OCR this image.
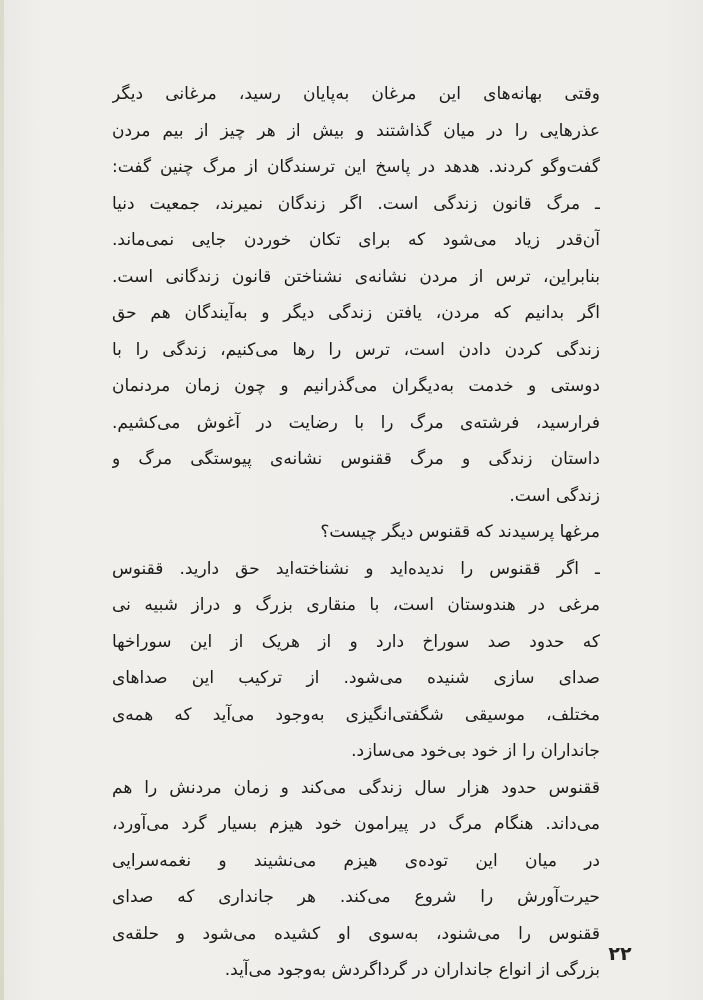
وقتی بهانه‌های این مرغان به‌پایان رسید، مرغانی دیگر
عذرهایی را در میان گذاشتند و بیش از هر چیز از بیم مردن
گفت‌وگو کردند. هدهد در پاسخ این ترسندگان از مرگ چنین گفت:
ـ مرگ قانون زندگی است. اگر زندگان نمیرند، جمعیت دنیا
آن‌قدر زیاد می‌شود که برای تکان خوردن جایی نمی‌ماند.
بنابراین، ترس از مردن نشانه‌ی نشناختن قانون زندگانی است.
اگر بدانیم که مردن، یافتن زندگی دیگر و به‌آیندگان هم حق
زندگی کردن دادن است، ترس را رها می‌کنیم، زندگی را با
دوستی و خدمت به‌دیگران می‌گذرانیم و چون زمان مردنمان
فرارسید، فرشته‌ی مرگ را با رضایت در آغوش می‌کشیم.
داستان زندگی و مرگ ققنوس نشانه‌ی پیوستگی مرگ و
زندگی است.
مرغها پرسیدند که ققنوس دیگر چیست؟
ـ اگر ققنوس را ندیده‌اید و نشناخته‌اید حق دارید. ققنوس
مرغی در هندوستان است، با منقاری بزرگ و دراز شبیه نی
که حدود صد سوراخ دارد و از هریک از این سوراخها
صدای سازی شنیده می‌شود. از ترکیب این صداهای
مختلف، موسیقی شگفتی‌انگیزی به‌وجود می‌آید که همه‌ی
جانداران را از خود بی‌خود می‌سازد.
ققنوس حدود هزار سال زندگی می‌کند و زمان مردنش را هم
می‌داند. هنگام مرگ در پیرامون خود هیزم بسیار گرد می‌آورد،
در میان این توده‌ی هیزم می‌نشیند و نغمه‌سرایی
حیرت‌آورش را شروع می‌کند. هر جانداری که صدای
ققنوس را می‌شنود، به‌سوی او کشیده می‌شود و حلقه‌ی
بزرگی از انواع جانداران در گرداگردش به‌وجود می‌آید.
۲۲
